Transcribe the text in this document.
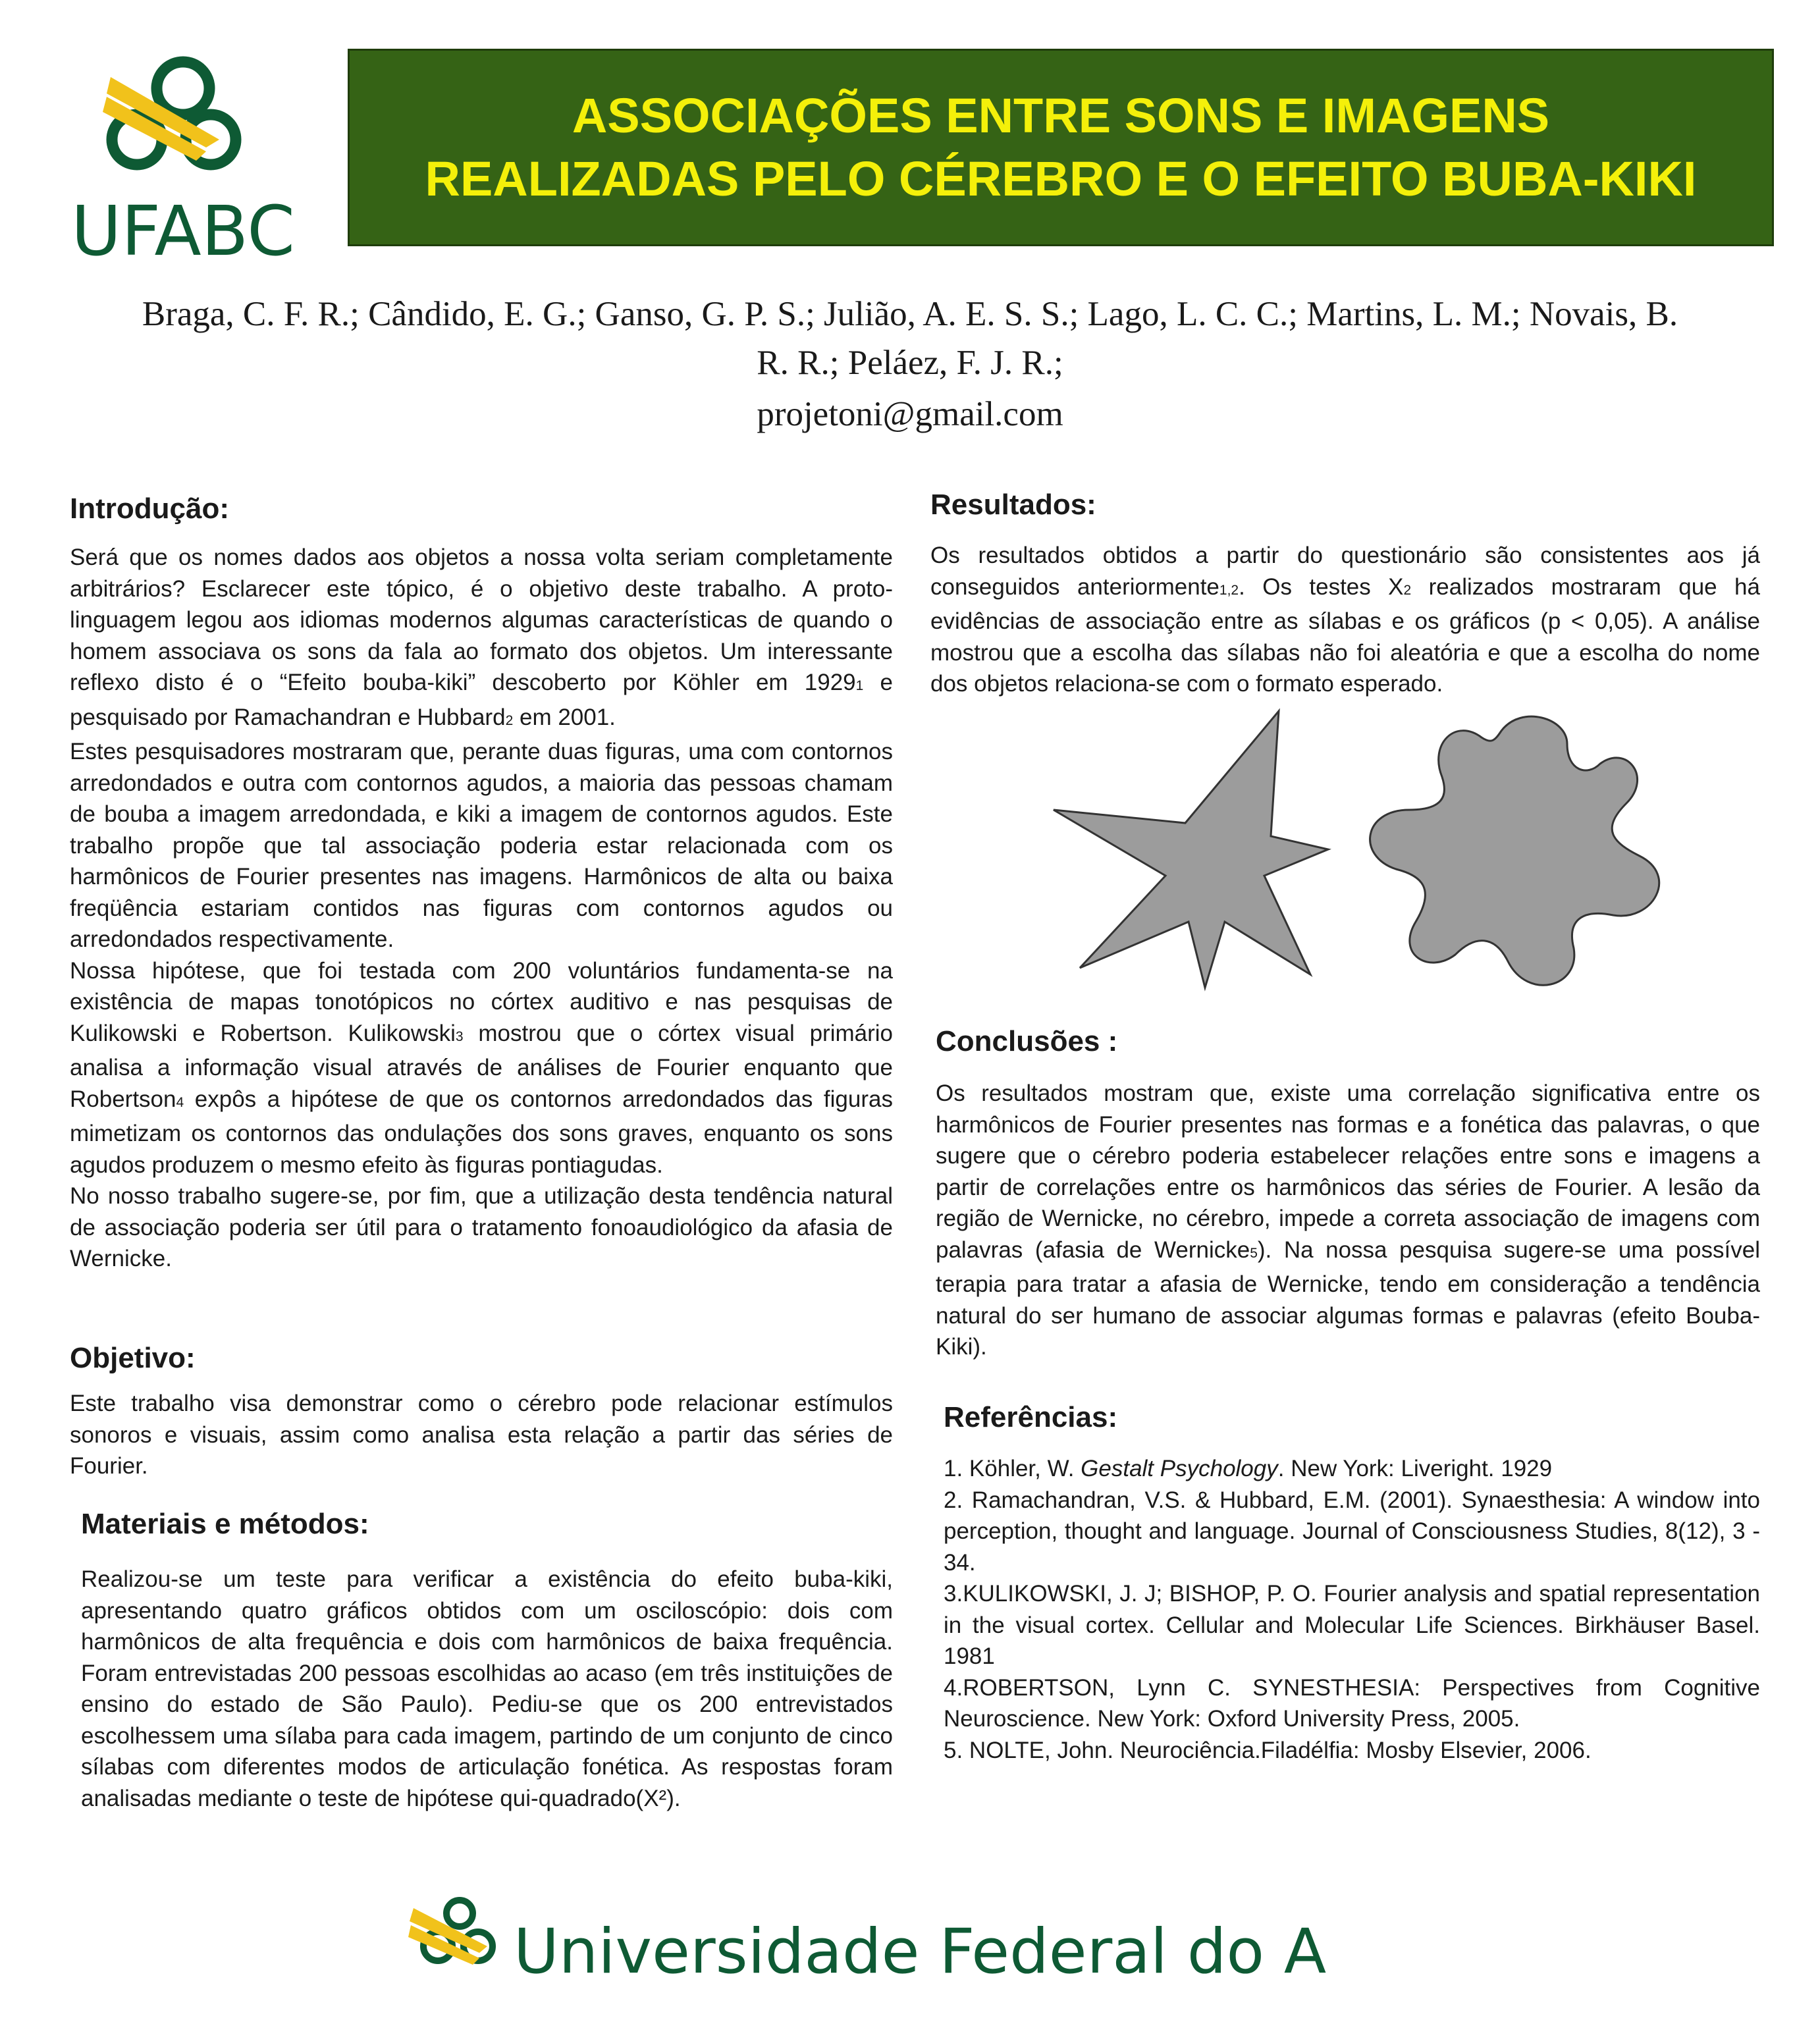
UFABC
ASSOCIAÇÕES ENTRE SONS E IMAGENS
REALIZADAS PELO CÉREBRO E O EFEITO BUBA-KIKI
Braga, C. F. R.; Cândido, E. G.; Ganso, G. P. S.; Julião, A. E. S. S.; Lago, L. C. C.; Martins, L. M.; Novais, B.
R. R.; Peláez, F. J. R.;
projetoni@gmail.com
Introdução:
Será que os nomes dados aos objetos a nossa volta seriam completamente arbitrários? Esclarecer este tópico, é o objetivo deste trabalho. A proto-linguagem legou aos idiomas modernos algumas características de quando o homem associava os sons da fala ao formato dos objetos. Um interessante reflexo disto é o “Efeito bouba-kiki” descoberto por Köhler em 19291 e pesquisado por Ramachandran e Hubbard2 em 2001.
Estes pesquisadores mostraram que, perante duas figuras, uma com contornos arredondados e outra com contornos agudos, a maioria das pessoas chamam de bouba a imagem arredondada, e kiki a imagem de contornos agudos. Este trabalho propõe que tal associação poderia estar relacionada com os harmônicos de Fourier presentes nas imagens. Harmônicos de alta ou baixa freqüência estariam contidos nas figuras com contornos agudos ou arredondados respectivamente.
Nossa hipótese, que foi testada com 200 voluntários fundamenta-se na existência de mapas tonotópicos no córtex auditivo e nas pesquisas de Kulikowski e Robertson. Kulikowski3 mostrou que o córtex visual primário analisa a informação visual através de análises de Fourier enquanto que Robertson4 expôs a hipótese de que os contornos arredondados das figuras mimetizam os contornos das ondulações dos sons graves, enquanto os sons agudos produzem o mesmo efeito às figuras pontiagudas.
No nosso trabalho sugere-se, por fim, que a utilização desta tendência natural de associação poderia ser útil para o tratamento fonoaudiológico da afasia de Wernicke.
Objetivo:
Este trabalho visa demonstrar como o cérebro pode relacionar estímulos sonoros e visuais, assim como analisa esta relação a partir das séries de Fourier.
Materiais e métodos:
Realizou-se um teste para verificar a existência do efeito buba-kiki, apresentando quatro gráficos obtidos com um osciloscópio: dois com harmônicos de alta frequência e dois com harmônicos de baixa frequência. Foram entrevistadas 200 pessoas escolhidas ao acaso (em três instituições de ensino do estado de São Paulo). Pediu-se que os 200 entrevistados escolhessem uma sílaba para cada imagem, partindo de um conjunto de cinco sílabas com diferentes modos de articulação fonética. As respostas foram analisadas mediante o teste de hipótese qui-quadrado(X²).
Resultados:
Os resultados obtidos a partir do questionário são consistentes aos já conseguidos anteriormente1,2. Os testes X2 realizados mostraram que há evidências de associação entre as sílabas e os gráficos (p < 0,05). A análise mostrou que a escolha das sílabas não foi aleatória e que a escolha do nome dos objetos relaciona-se com o formato esperado.
Conclusões :
Os resultados mostram que, existe uma correlação significativa entre os harmônicos de Fourier presentes nas formas e a fonética das palavras, o que sugere que o cérebro poderia estabelecer relações entre sons e imagens a partir de correlações entre os harmônicos das séries de Fourier. A lesão da região de Wernicke, no cérebro, impede a correta associação de imagens com palavras (afasia de Wernicke5). Na nossa pesquisa sugere-se uma possível terapia para tratar a afasia de Wernicke, tendo em consideração a tendência natural do ser humano de associar algumas formas e palavras (efeito Bouba-Kiki).
Referências:
1. Köhler, W. Gestalt Psychology. New York: Liveright. 1929
2. Ramachandran, V.S. & Hubbard, E.M. (2001). Synaesthesia: A window into perception, thought and language. Journal of Consciousness Studies, 8(12), 3 - 34.
3.KULIKOWSKI, J. J; BISHOP, P. O. Fourier analysis and spatial representation in the visual cortex. Cellular and Molecular Life Sciences. Birkhäuser Basel. 1981
4.ROBERTSON, Lynn C. SYNESTHESIA: Perspectives from Cognitive Neuroscience. New York: Oxford University Press, 2005.
5. NOLTE, John. Neurociência.Filadélfia: Mosby Elsevier, 2006.
Universidade Federal do ABC
